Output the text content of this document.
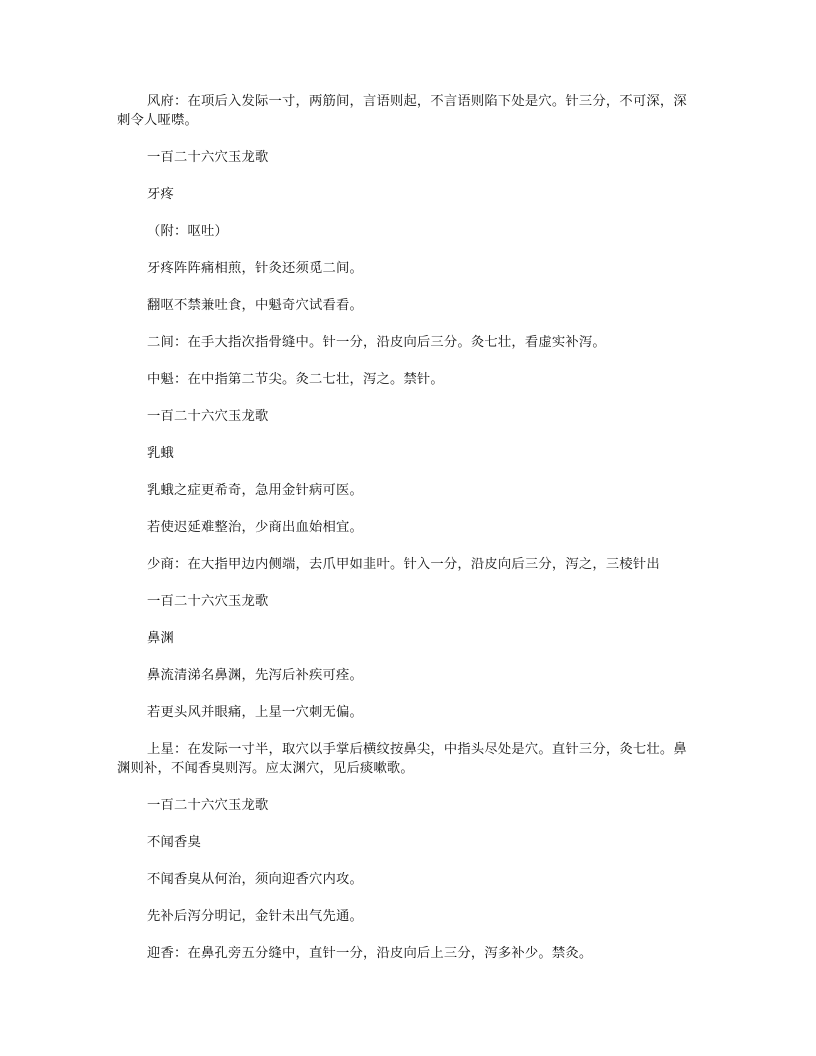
风府：在项后入发际一寸，两筋间，言语则起，不言语则陷下处是穴。针三分，不可深，深刺令人哑噤。

一百二十六穴玉龙歌

牙疼

（附：呕吐）

牙疼阵阵痛相煎，针灸还须觅二间。

翻呕不禁兼吐食，中魁奇穴试看看。

二间：在手大指次指骨缝中。针一分，沿皮向后三分。灸七壮，看虚实补泻。

中魁：在中指第二节尖。灸二七壮，泻之。禁针。

一百二十六穴玉龙歌

乳蛾

乳蛾之症更希奇，急用金针病可医。

若使迟延难整治，少商出血始相宜。

少商：在大指甲边内侧端，去爪甲如韭叶。针入一分，沿皮向后三分，泻之，三棱针出

一百二十六穴玉龙歌

鼻渊

鼻流清涕名鼻渊，先泻后补疾可痊。

若更头风并眼痛，上星一穴刺无偏。

上星：在发际一寸半，取穴以手掌后横纹按鼻尖，中指头尽处是穴。直针三分，灸七壮。鼻渊则补，不闻香臭则泻。应太渊穴，见后痰嗽歌。

一百二十六穴玉龙歌

不闻香臭

不闻香臭从何治，须向迎香穴内攻。

先补后泻分明记，金针未出气先通。

迎香：在鼻孔旁五分缝中，直针一分，沿皮向后上三分，泻多补少。禁灸。
